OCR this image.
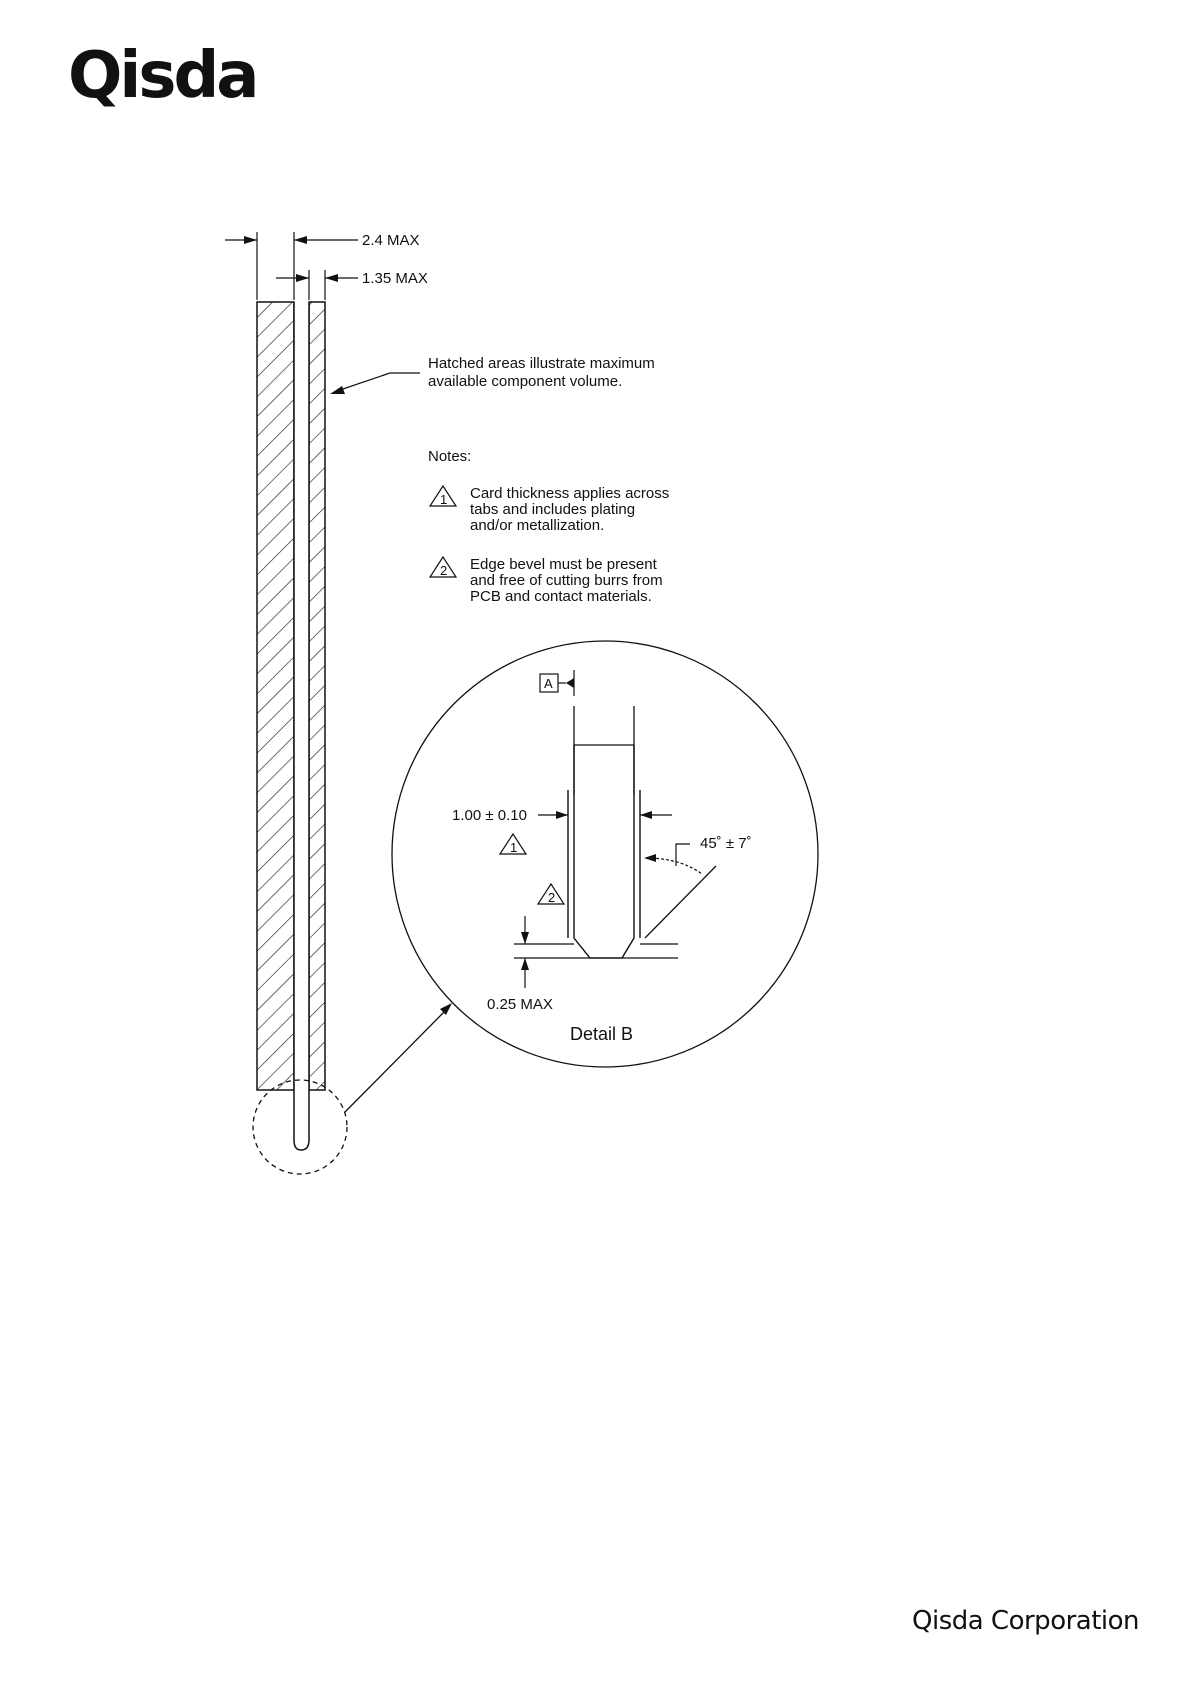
Qisda
2.4 MAX
1.35 MAX
Hatched areas illustrate maximum
available component volume.
Notes:
1 Card thickness applies across
tabs and includes plating
and/or metallization.
2 Edge bevel must be present
and free of cutting burrs from
PCB and contact materials.
A
1.00 ± 0.10
1
2
45˚ ± 7˚
0.25 MAX
Detail B
Qisda Corporation
